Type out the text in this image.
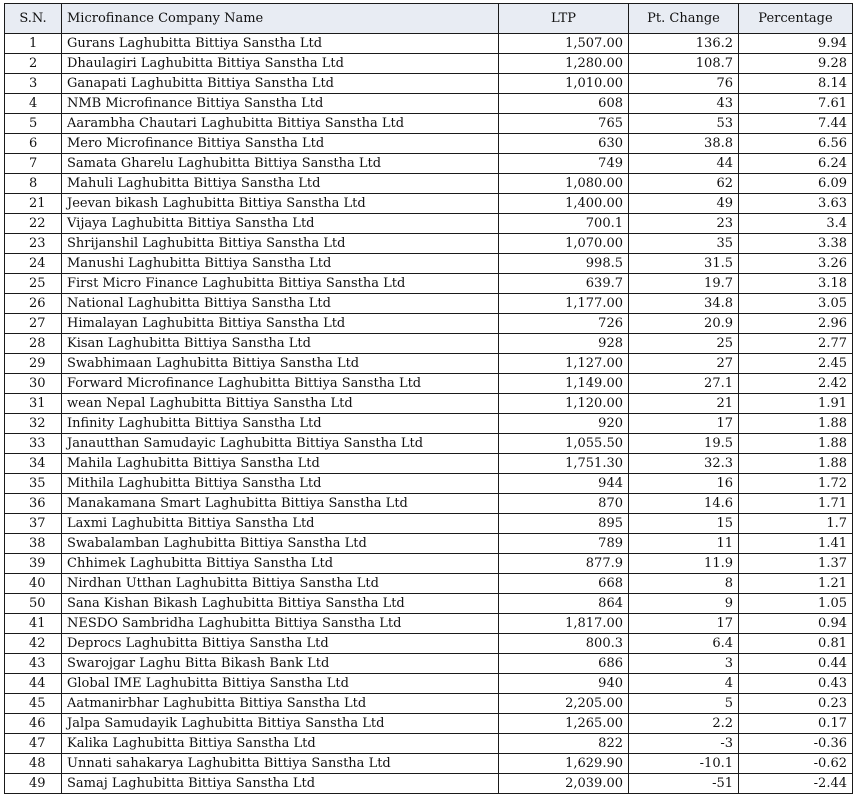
S.N.	Microfinance Company Name	LTP	Pt. Change	Percentage
1	Gurans Laghubitta Bittiya Sanstha Ltd	1,507.00	136.2	9.94
2	Dhaulagiri Laghubitta Bittiya Sanstha Ltd	1,280.00	108.7	9.28
3	Ganapati Laghubitta Bittiya Sanstha Ltd	1,010.00	76	8.14
4	NMB Microfinance Bittiya Sanstha Ltd	608	43	7.61
5	Aarambha Chautari Laghubitta Bittiya Sanstha Ltd	765	53	7.44
6	Mero Microfinance Bittiya Sanstha Ltd	630	38.8	6.56
7	Samata Gharelu Laghubitta Bittiya Sanstha Ltd	749	44	6.24
8	Mahuli Laghubitta Bittiya Sanstha Ltd	1,080.00	62	6.09
21	Jeevan bikash Laghubitta Bittiya Sanstha Ltd	1,400.00	49	3.63
22	Vijaya Laghubitta Bittiya Sanstha Ltd	700.1	23	3.4
23	Shrijanshil Laghubitta Bittiya Sanstha Ltd	1,070.00	35	3.38
24	Manushi Laghubitta Bittiya Sanstha Ltd	998.5	31.5	3.26
25	First Micro Finance Laghubitta Bittiya Sanstha Ltd	639.7	19.7	3.18
26	National Laghubitta Bittiya Sanstha Ltd	1,177.00	34.8	3.05
27	Himalayan Laghubitta Bittiya Sanstha Ltd	726	20.9	2.96
28	Kisan Laghubitta Bittiya Sanstha Ltd	928	25	2.77
29	Swabhimaan Laghubitta Bittiya Sanstha Ltd	1,127.00	27	2.45
30	Forward Microfinance Laghubitta Bittiya Sanstha Ltd	1,149.00	27.1	2.42
31	wean Nepal Laghubitta Bittiya Sanstha Ltd	1,120.00	21	1.91
32	Infinity Laghubitta Bittiya Sanstha Ltd	920	17	1.88
33	Janautthan Samudayic Laghubitta Bittiya Sanstha Ltd	1,055.50	19.5	1.88
34	Mahila Laghubitta Bittiya Sanstha Ltd	1,751.30	32.3	1.88
35	Mithila Laghubitta Bittiya Sanstha Ltd	944	16	1.72
36	Manakamana Smart Laghubitta Bittiya Sanstha Ltd	870	14.6	1.71
37	Laxmi Laghubitta Bittiya Sanstha Ltd	895	15	1.7
38	Swabalamban Laghubitta Bittiya Sanstha Ltd	789	11	1.41
39	Chhimek Laghubitta Bittiya Sanstha Ltd	877.9	11.9	1.37
40	Nirdhan Utthan Laghubitta Bittiya Sanstha Ltd	668	8	1.21
50	Sana Kishan Bikash Laghubitta Bittiya Sanstha Ltd	864	9	1.05
41	NESDO Sambridha Laghubitta Bittiya Sanstha Ltd	1,817.00	17	0.94
42	Deprocs Laghubitta Bittiya Sanstha Ltd	800.3	6.4	0.81
43	Swarojgar Laghu Bitta Bikash Bank Ltd	686	3	0.44
44	Global IME Laghubitta Bittiya Sanstha Ltd	940	4	0.43
45	Aatmanirbhar Laghubitta Bittiya Sanstha Ltd	2,205.00	5	0.23
46	Jalpa Samudayik Laghubitta Bittiya Sanstha Ltd	1,265.00	2.2	0.17
47	Kalika Laghubitta Bittiya Sanstha Ltd	822	-3	-0.36
48	Unnati sahakarya Laghubitta Bittiya Sanstha Ltd	1,629.90	-10.1	-0.62
49	Samaj Laghubitta Bittiya Sanstha Ltd	2,039.00	-51	-2.44
